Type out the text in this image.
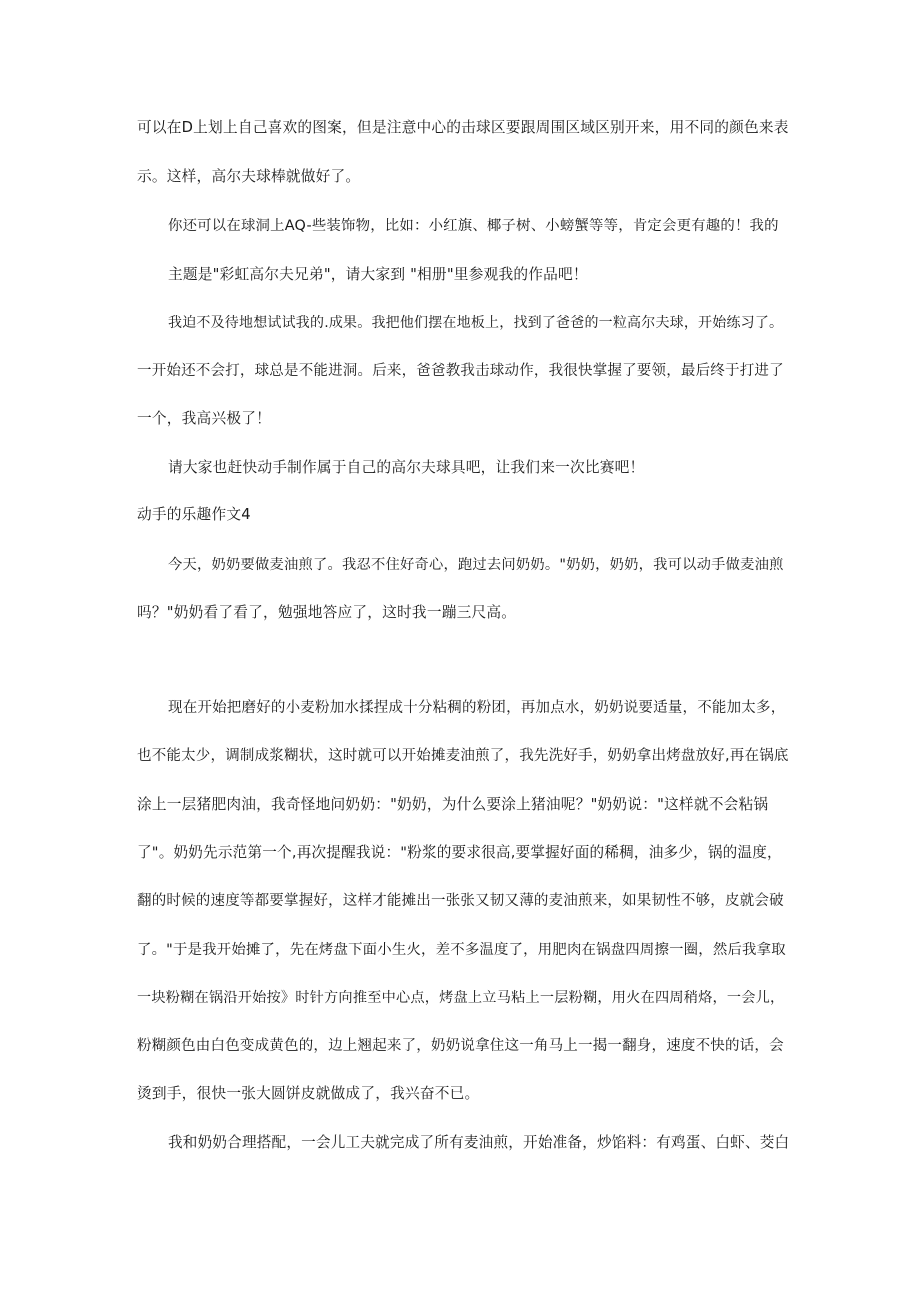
可以在D上划上自己喜欢的图案，但是注意中心的击球区要跟周围区域区别开来，用不同的颜色来表
示。这样，高尔夫球棒就做好了。
你还可以在球洞上AQ-些装饰物，比如：小红旗、椰子树、小螃蟹等等，肯定会更有趣的！我的
主题是"彩虹高尔夫兄弟"，请大家到 "相册"里参观我的作品吧！
我迫不及待地想试试我的.成果。我把他们摆在地板上，找到了爸爸的一粒高尔夫球，开始练习了。
一开始还不会打，球总是不能进洞。后来，爸爸教我击球动作，我很快掌握了要领，最后终于打进了
一个，我高兴极了！
请大家也赶快动手制作属于自己的高尔夫球具吧，让我们来一次比赛吧！
动手的乐趣作文4
今天，奶奶要做麦油煎了。我忍不住好奇心，跑过去问奶奶。"奶奶，奶奶，我可以动手做麦油煎
吗？"奶奶看了看了，勉强地答应了，这时我一蹦三尺高。
现在开始把磨好的小麦粉加水揉捏成十分粘稠的粉团，再加点水，奶奶说要适量，不能加太多，
也不能太少，调制成浆糊状，这时就可以开始摊麦油煎了，我先洗好手，奶奶拿出烤盘放好,再在锅底
涂上一层猪肥肉油，我奇怪地问奶奶："奶奶，为什么要涂上猪油呢？"奶奶说："这样就不会粘锅
了"。奶奶先示范第一个,再次提醒我说："粉浆的要求很高,要掌握好面的稀稠，油多少，锅的温度，
翻的时候的速度等都要掌握好，这样才能摊出一张张又韧又薄的麦油煎来，如果韧性不够，皮就会破
了。"于是我开始摊了，先在烤盘下面小生火，差不多温度了，用肥肉在锅盘四周擦一圈，然后我拿取
一块粉糊在锅沿开始按》时针方向推至中心点，烤盘上立马粘上一层粉糊，用火在四周稍烙，一会儿，
粉糊颜色由白色变成黄色的，边上翘起来了，奶奶说拿住这一角马上一揭一翻身，速度不快的话，会
烫到手，很快一张大圆饼皮就做成了，我兴奋不已。
我和奶奶合理搭配，一会儿工夫就完成了所有麦油煎，开始准备，炒馅料：有鸡蛋、白虾、茭白
